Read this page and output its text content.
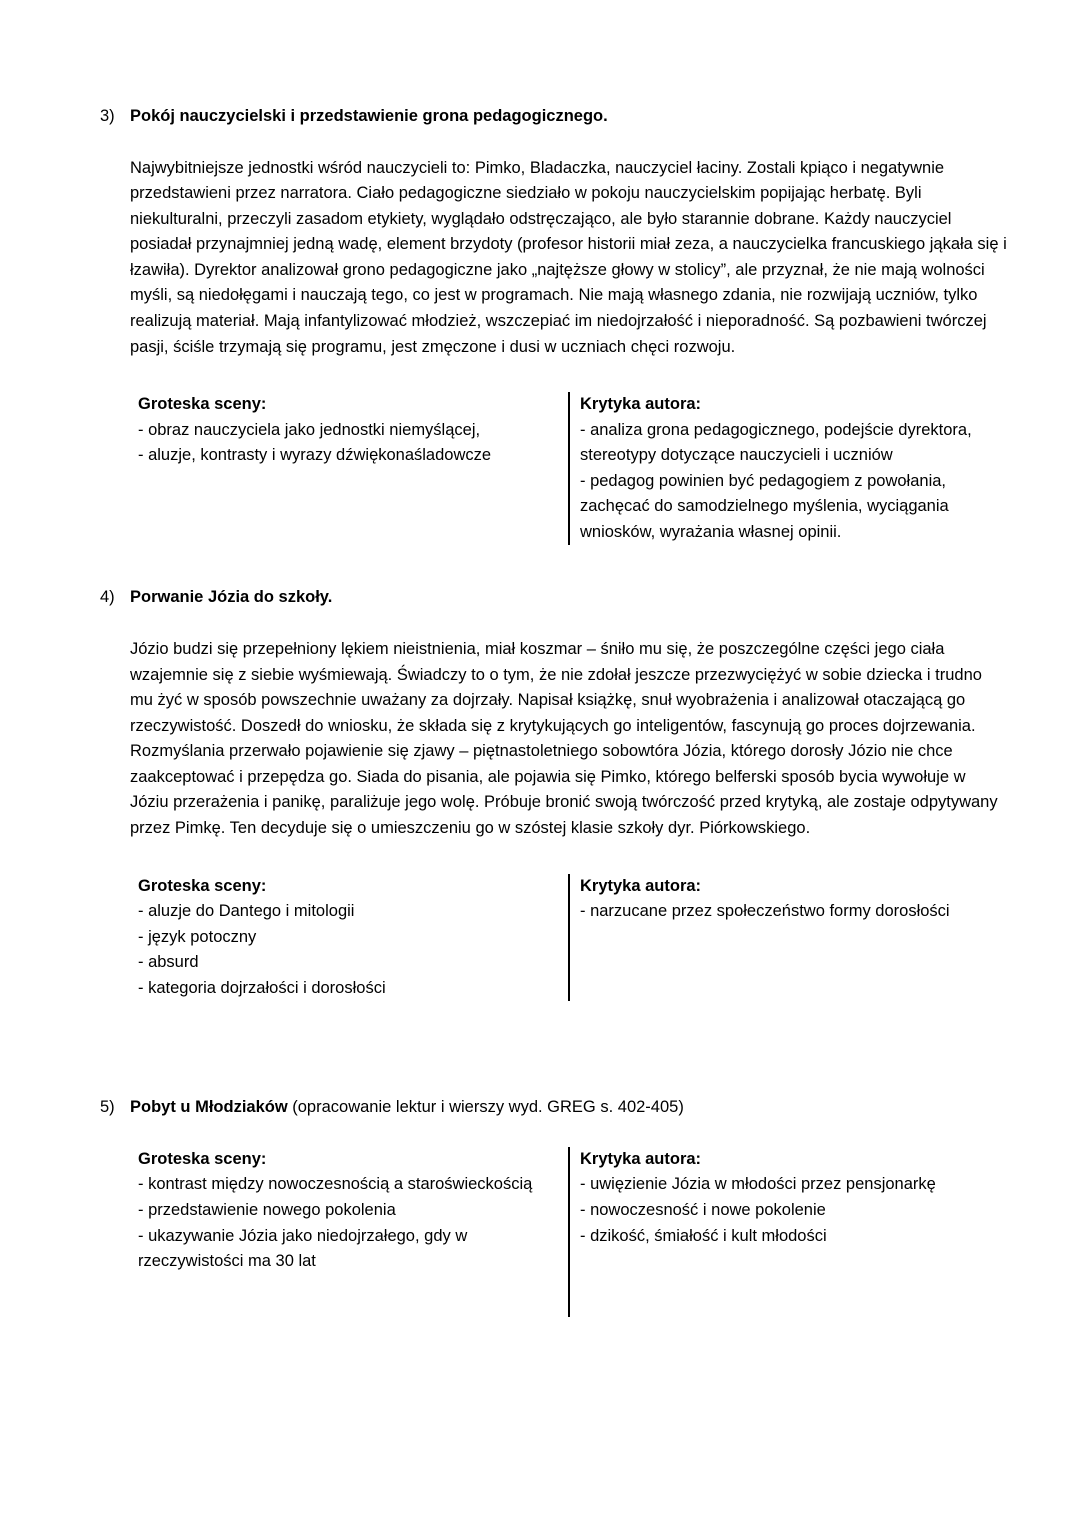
3) Pokój nauczycielski i przedstawienie grona pedagogicznego.

Najwybitniejsze jednostki wśród nauczycieli to: Pimko, Bladaczka, nauczyciel łaciny. Zostali kpiąco i negatywnie przedstawieni przez narratora. Ciało pedagogiczne siedziało w pokoju nauczycielskim popijając herbatę. Byli niekulturalni, przeczyli zasadom etykiety, wyglądało odstręczająco, ale było starannie dobrane. Każdy nauczyciel posiadał przynajmniej jedną wadę, element brzydoty (profesor historii miał zeza, a nauczycielka francuskiego jąkała się i łzawiła). Dyrektor analizował grono pedagogiczne jako „najtęższe głowy w stolicy”, ale przyznał, że nie mają wolności myśli, są niedołęgami i nauczają tego, co jest w programach. Nie mają własnego zdania, nie rozwijają uczniów, tylko realizują materiał. Mają infantylizować młodzież, wszczepiać im niedojrzałość i nieporadność. Są pozbawieni twórczej pasji, ściśle trzymają się programu, jest zmęczone i dusi w uczniach chęci rozwoju.

Groteska sceny:
- obraz nauczyciela jako jednostki niemyślącej,
- aluzje, kontrasty i wyrazy dźwiękonaśladowcze
Krytyka autora:
- analiza grona pedagogicznego, podejście dyrektora, stereotypy dotyczące nauczycieli i uczniów
- pedagog powinien być pedagogiem z powołania, zachęcać do samodzielnego myślenia, wyciągania wniosków, wyrażania własnej opinii.
4) Porwanie Józia do szkoły.

Józio budzi się przepełniony lękiem nieistnienia, miał koszmar – śniło mu się, że poszczególne części jego ciała wzajemnie się z siebie wyśmiewają. Świadczy to o tym, że nie zdołał jeszcze przezwyciężyć w sobie dziecka i trudno mu żyć w sposób powszechnie uważany za dojrzały. Napisał książkę, snuł wyobrażenia i analizował otaczającą go rzeczywistość. Doszedł do wniosku, że składa się z krytykujących go inteligentów, fascynują go proces dojrzewania. Rozmyślania przerwało pojawienie się zjawy – piętnastoletniego sobowtóra Józia, którego dorosły Józio nie chce zaakceptować i przepędza go. Siada do pisania, ale pojawia się Pimko, którego belferski sposób bycia wywołuje w Józiu przerażenia i panikę, paraliżuje jego wolę. Próbuje bronić swoją twórczość przed krytyką, ale zostaje odpytywany przez Pimkę. Ten decyduje się o umieszczeniu go w szóstej klasie szkoły dyr. Piórkowskiego.

Groteska sceny:
- aluzje do Dantego i mitologii
- język potoczny
- absurd
- kategoria dojrzałości i dorosłości
Krytyka autora:
- narzucane przez społeczeństwo formy dorosłości
5) Pobyt u Młodziaków (opracowanie lektur i wierszy wyd. GREG s. 402-405)
Groteska sceny:
- kontrast między nowoczesnością a staroświeckością
- przedstawienie nowego pokolenia
- ukazywanie Józia jako niedojrzałego, gdy w rzeczywistości ma 30 lat
Krytyka autora:
- uwięzienie Józia w młodości przez pensjonarkę
- nowoczesność i nowe pokolenie
- dzikość, śmiałość i kult młodości
